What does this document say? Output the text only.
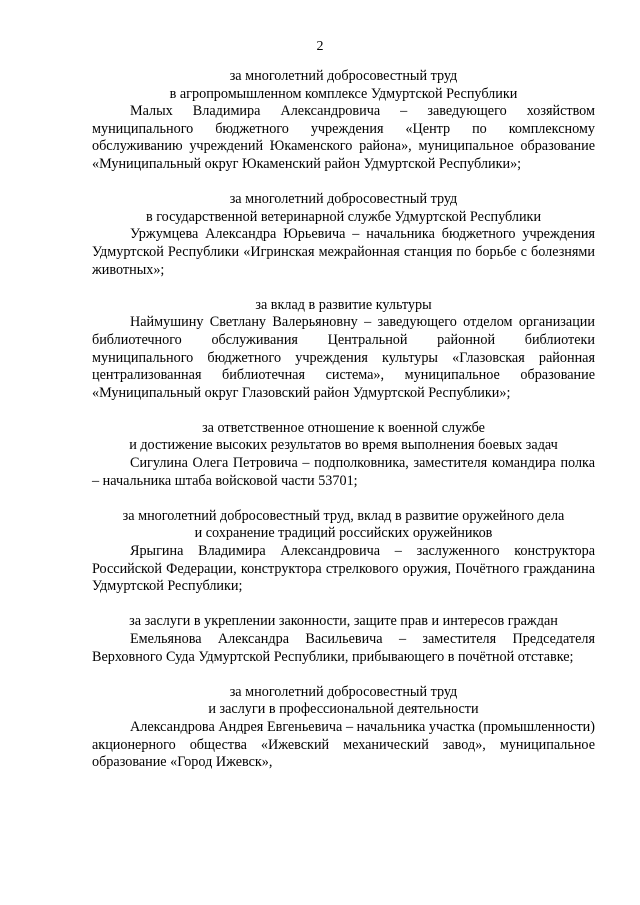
2
за многолетний добросовестный труд
в агропромышленном комплексе Удмуртской Республики
Малых Владимира Александровича – заведующего хозяйством муниципального бюджетного учреждения «Центр по комплексному обслуживанию учреждений Юкаменского района», муниципальное образование «Муниципальный округ Юкаменский район Удмуртской Республики»;
за многолетний добросовестный труд
в государственной ветеринарной службе Удмуртской Республики
Уржумцева Александра Юрьевича – начальника бюджетного учреждения Удмуртской Республики «Игринская межрайонная станция по борьбе с болезнями животных»;
за вклад в развитие культуры
Наймушину Светлану Валерьяновну – заведующего отделом организации библиотечного обслуживания Центральной районной библиотеки муниципального бюджетного учреждения культуры «Глазовская районная централизованная библиотечная система», муниципальное образование «Муниципальный округ Глазовский район Удмуртской Республики»;
за ответственное отношение к военной службе
и достижение высоких результатов во время выполнения боевых задач
Сигулина Олега Петровича – подполковника, заместителя командира полка – начальника штаба войсковой части 53701;
за многолетний добросовестный труд, вклад в развитие оружейного дела
и сохранение традиций российских оружейников
Ярыгина Владимира Александровича – заслуженного конструктора Российской Федерации, конструктора стрелкового оружия, Почётного гражданина Удмуртской Республики;
за заслуги в укреплении законности, защите прав и интересов граждан
Емельянова Александра Васильевича – заместителя Председателя Верховного Суда Удмуртской Республики, прибывающего в почётной отставке;
за многолетний добросовестный труд
и заслуги в профессиональной деятельности
Александрова Андрея Евгеньевича – начальника участка (промышленности) акционерного общества «Ижевский механический завод», муниципальное образование «Город Ижевск»,
